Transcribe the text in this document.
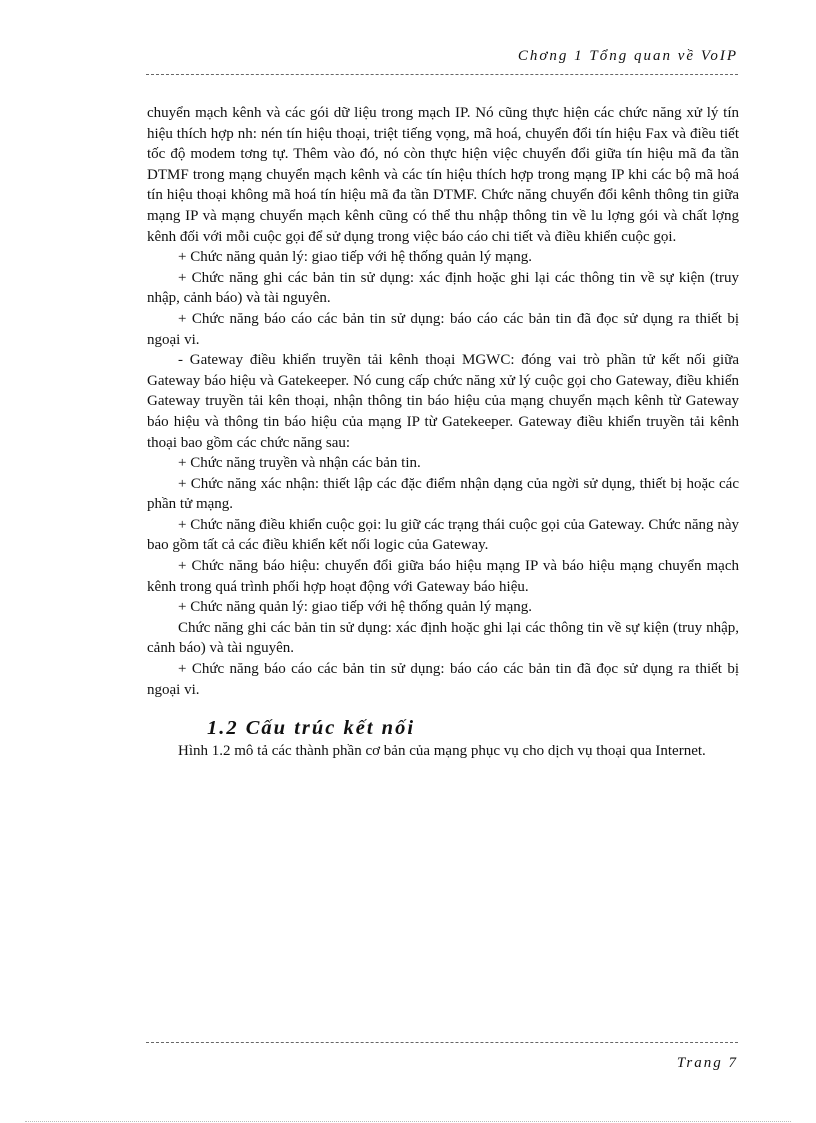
Chơng 1 Tổng quan về VoIP

chuyển mạch kênh và các gói dữ liệu trong mạch IP. Nó cũng thực hiện các chức năng xử lý tín hiệu thích hợp nh: nén tín hiệu thoại, triệt tiếng vọng, mã hoá, chuyển đổi tín hiệu Fax và điều tiết tốc độ modem tơng tự. Thêm vào đó, nó còn thực hiện việc chuyển đổi giữa tín hiệu mã đa tần DTMF trong mạng chuyển mạch kênh và các tín hiệu thích hợp trong mạng IP khi các bộ mã hoá tín hiệu thoại không mã hoá tín hiệu mã đa tần DTMF. Chức năng chuyển đổi kênh thông tin giữa mạng IP và mạng chuyển mạch kênh cũng có thể thu nhập thông tin về lu lợng gói và chất lợng kênh đối với mỗi cuộc gọi để sử dụng trong việc báo cáo chi tiết và điều khiển cuộc gọi.

+ Chức năng quản lý: giao tiếp với hệ thống quản lý mạng.

+ Chức năng ghi các bản tin sử dụng: xác định hoặc ghi lại các thông tin về sự kiện (truy nhập, cảnh báo) và tài nguyên.

+ Chức năng báo cáo các bản tin sử dụng: báo cáo các bản tin đã đọc sử dụng ra thiết bị ngoại vi.

- Gateway điều khiển truyền tải kênh thoại MGWC: đóng vai trò phần tử kết nối giữa Gateway báo hiệu và Gatekeeper. Nó cung cấp chức năng xử lý cuộc gọi cho Gateway, điều khiển Gateway truyền tải kên thoại, nhận thông tin báo hiệu của mạng chuyển mạch kênh từ Gateway báo hiệu và thông tin báo hiệu của mạng IP từ Gatekeeper. Gateway điều khiển truyền tải kênh thoại bao gồm các chức năng sau:

+ Chức năng truyền và nhận các bản tin.

+ Chức năng xác nhận: thiết lập các đặc điểm nhận dạng của ngời sử dụng, thiết bị hoặc các phần tử mạng.

+ Chức năng điều khiển cuộc gọi: lu giữ các trạng thái cuộc gọi của Gateway. Chức năng này bao gồm tất cả các điều khiển kết nối logic của Gateway.

+ Chức năng báo hiệu: chuyển đổi giữa báo hiệu mạng IP và báo hiệu mạng chuyển mạch kênh trong quá trình phối hợp hoạt động với Gateway báo hiệu.

+ Chức năng quản lý: giao tiếp với hệ thống quản lý mạng.

Chức năng ghi các bản tin sử dụng: xác định hoặc ghi lại các thông tin về sự kiện (truy nhập, cảnh báo) và tài nguyên.

+ Chức năng báo cáo các bản tin sử dụng: báo cáo các bản tin đã đọc sử dụng ra thiết bị ngoại vi.

1.2 Cấu trúc kết nối

Hình 1.2 mô tả các thành phần cơ bản của mạng phục vụ cho dịch vụ thoại qua Internet.

Trang 7
